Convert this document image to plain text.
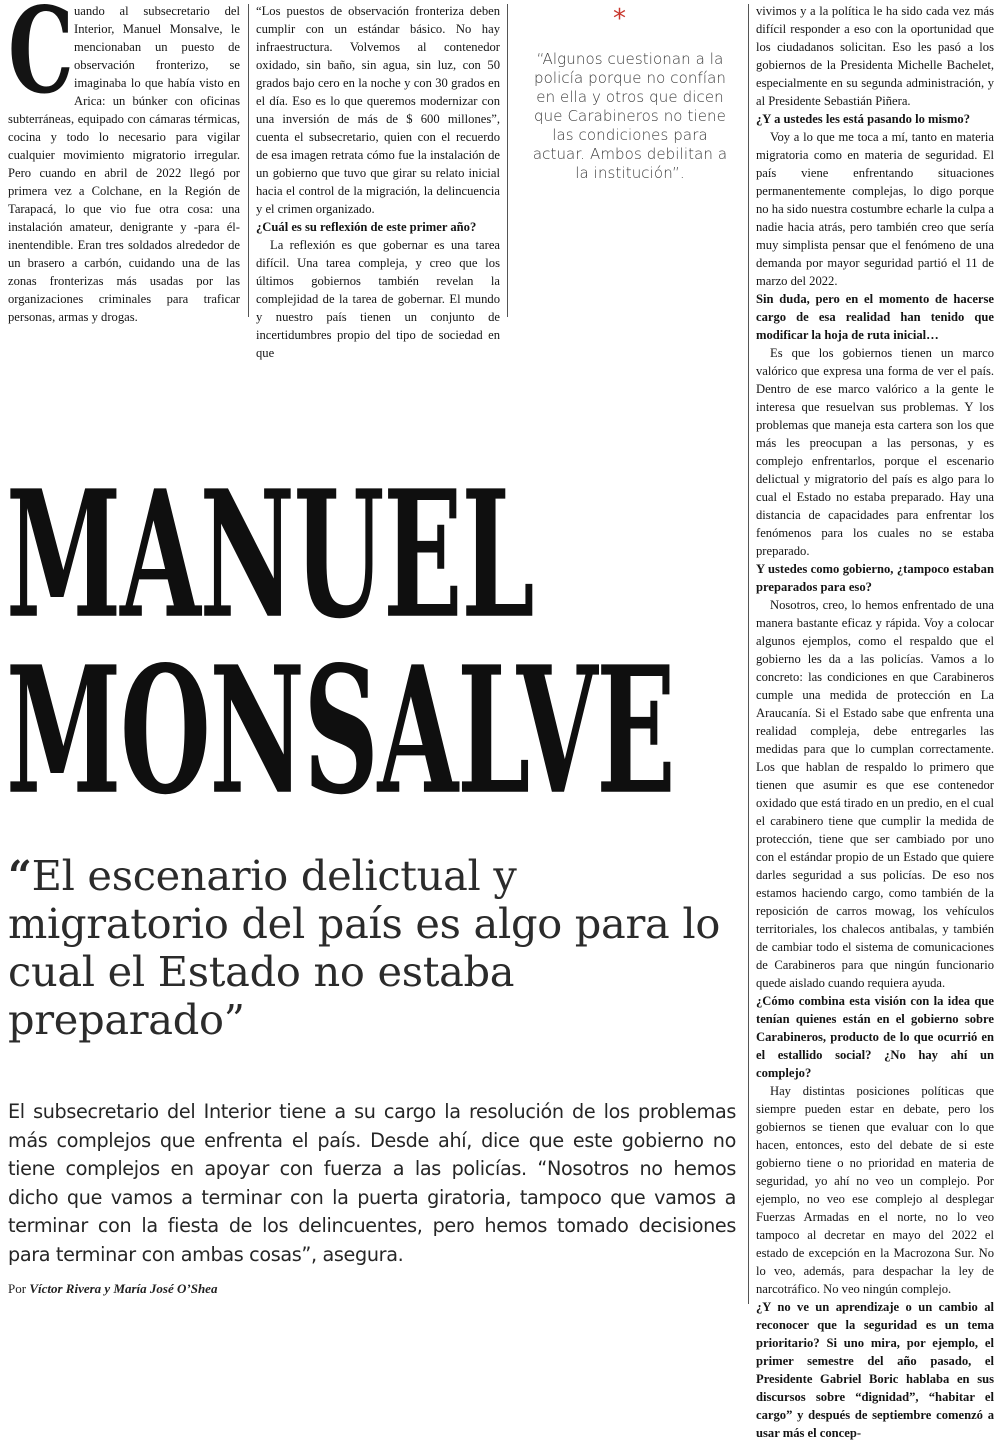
C uando al subsecretario del Interior, Manuel Monsalve, le mencionaban un puesto de observación fronterizo, se imaginaba lo que había visto en Arica: un búnker con oficinas subterráneas, equipado con cámaras térmicas, cocina y todo lo necesario para vigilar cualquier movimiento migratorio irregular. Pero cuando en abril de 2022 llegó por primera vez a Colchane, en la Región de Tarapacá, lo que vio fue otra cosa: una instalación amateur, denigrante y -para él- inentendible. Eran tres soldados alrededor de un brasero a carbón, cuidando una de las zonas fronterizas más usadas por las organizaciones criminales para traficar personas, armas y drogas.

“Los puestos de observación fronteriza deben cumplir con un estándar básico. No hay infraestructura. Volvemos al contenedor oxidado, sin baño, sin agua, sin luz, con 50 grados bajo cero en la noche y con 30 grados en el día. Eso es lo que queremos modernizar con una inversión de más de $ 600 millones”, cuenta el subsecretario, quien con el recuerdo de esa imagen retrata cómo fue la instalación de un gobierno que tuvo que girar su relato inicial hacia el control de la migración, la delincuencia y el crimen organizado.

¿Cuál es su reflexión de este primer año?

La reflexión es que gobernar es una tarea difícil. Una tarea compleja, y creo que los últimos gobiernos también revelan la complejidad de la tarea de gobernar. El mundo y nuestro país tienen un conjunto de incertidumbres propio del tipo de sociedad en que

*
“Algunos cuestionan a la policía porque no confían en ella y otros que dicen que Carabineros no tiene las condiciones para actuar. Ambos debilitan a la institución”.

vivimos y a la política le ha sido cada vez más difícil responder a eso con la oportunidad que los ciudadanos solicitan. Eso les pasó a los gobiernos de la Presidenta Michelle Bachelet, especialmente en su segunda administración, y al Presidente Sebastián Piñera.

¿Y a ustedes les está pasando lo mismo?

Voy a lo que me toca a mí, tanto en materia migratoria como en materia de seguridad. El país viene enfrentando situaciones permanentemente complejas, lo digo porque no ha sido nuestra costumbre echarle la culpa a nadie hacia atrás, pero también creo que sería muy simplista pensar que el fenómeno de una demanda por mayor seguridad partió el 11 de marzo del 2022.

Sin duda, pero en el momento de hacerse cargo de esa realidad han tenido que modificar la hoja de ruta inicial…

Es que los gobiernos tienen un marco valórico que expresa una forma de ver el país. Dentro de ese marco valórico a la gente le interesa que resuelvan sus problemas. Y los problemas que maneja esta cartera son los que más les preocupan a las personas, y es complejo enfrentarlos, porque el escenario delictual y migratorio del país es algo para lo cual el Estado no estaba preparado. Hay una distancia de capacidades para enfrentar los fenómenos para los cuales no se estaba preparado.

Y ustedes como gobierno, ¿tampoco estaban preparados para eso?

Nosotros, creo, lo hemos enfrentado de una manera bastante eficaz y rápida. Voy a colocar algunos ejemplos, como el respaldo que el gobierno les da a las policías. Vamos a lo concreto: las condiciones en que Carabineros cumple una medida de protección en La Araucanía. Si el Estado sabe que enfrenta una realidad compleja, debe entregarles las medidas para que lo cumplan correctamente. Los que hablan de respaldo lo primero que tienen que asumir es que ese contenedor oxidado que está tirado en un predio, en el cual el carabinero tiene que cumplir la medida de protección, tiene que ser cambiado por uno con el estándar propio de un Estado que quiere darles seguridad a sus policías. De eso nos estamos haciendo cargo, como también de la reposición de carros mowag, los vehículos territoriales, los chalecos antibalas, y también de cambiar todo el sistema de comunicaciones de Carabineros para que ningún funcionario quede aislado cuando requiera ayuda.

¿Cómo combina esta visión con la idea que tenían quienes están en el gobierno sobre Carabineros, producto de lo que ocurrió en el estallido social? ¿No hay ahí un complejo?

Hay distintas posiciones políticas que siempre pueden estar en debate, pero los gobiernos se tienen que evaluar con lo que hacen, entonces, esto del debate de si este gobierno tiene o no prioridad en materia de seguridad, yo ahí no veo un complejo. Por ejemplo, no veo ese complejo al desplegar Fuerzas Armadas en el norte, no lo veo tampoco al decretar en mayo del 2022 el estado de excepción en la Macrozona Sur. No lo veo, además, para despachar la ley de narcotráfico. No veo ningún complejo.

¿Y no ve un aprendizaje o un cambio al reconocer que la seguridad es un tema prioritario? Si uno mira, por ejemplo, el primer semestre del año pasado, el Presidente Gabriel Boric hablaba en sus discursos sobre “dignidad”, “habitar el cargo” y después de septiembre comenzó a usar más el concep-

MANUEL
MONSALVE
“El escenario delictual y migratorio del país es algo para lo cual el Estado no estaba preparado”
El subsecretario del Interior tiene a su cargo la resolución de los problemas más complejos que enfrenta el país. Desde ahí, dice que este gobierno no tiene complejos en apoyar con fuerza a las policías. “Nosotros no hemos dicho que vamos a terminar con la puerta giratoria, tampoco que vamos a terminar con la fiesta de los delincuentes, pero hemos tomado decisiones para terminar con ambas cosas”, asegura.
Por Víctor Rivera y María José O’Shea
